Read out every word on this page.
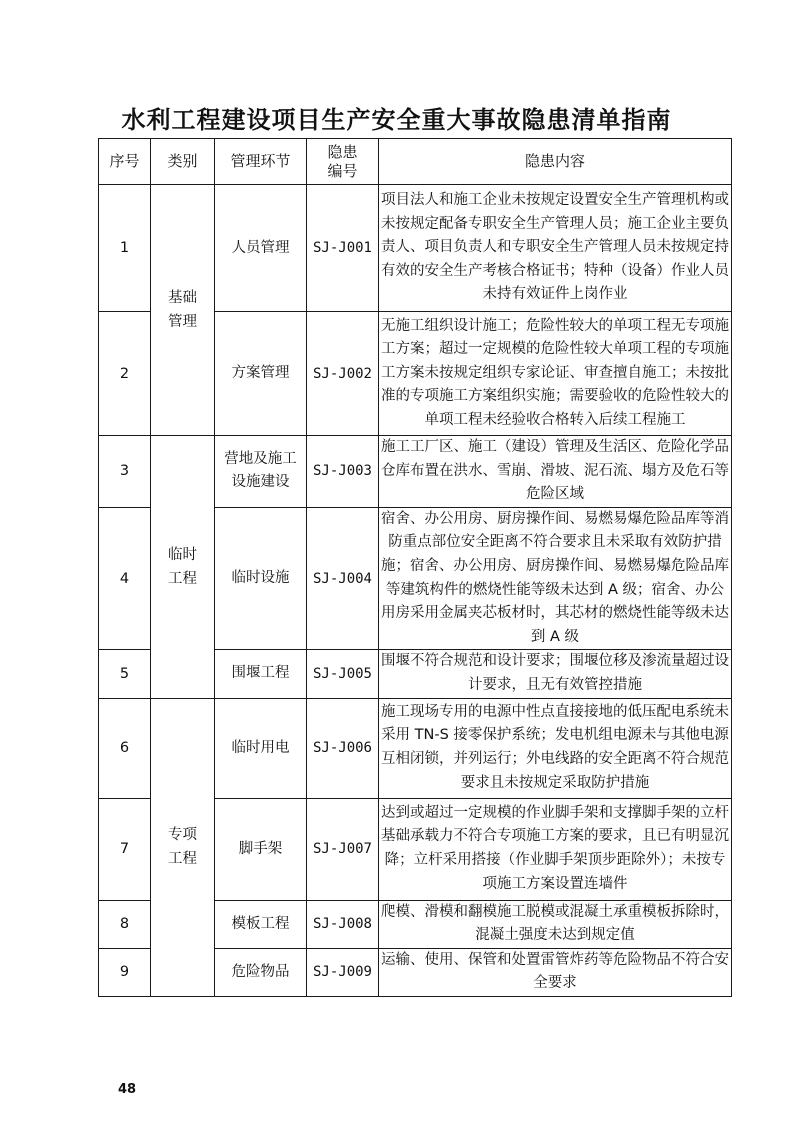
水利工程建设项目生产安全重大事故隐患清单指南
序号	类别	管理环节	隐患编号	隐患内容
1	基础管理	人员管理	SJ-J001	项目法人和施工企业未按规定设置安全生产管理机构或未按规定配备专职安全生产管理人员；施工企业主要负责人、项目负责人和专职安全生产管理人员未按规定持有效的安全生产考核合格证书；特种（设备）作业人员未持有效证件上岗作业
2		方案管理	SJ-J002	无施工组织设计施工；危险性较大的单项工程无专项施工方案；超过一定规模的危险性较大单项工程的专项施工方案未按规定组织专家论证、审查擅自施工；未按批准的专项施工方案组织实施；需要验收的危险性较大的单项工程未经验收合格转入后续工程施工
3	临时工程	营地及施工设施建设	SJ-J003	施工工厂区、施工（建设）管理及生活区、危险化学品仓库布置在洪水、雪崩、滑坡、泥石流、塌方及危石等危险区域
4		临时设施	SJ-J004	宿舍、办公用房、厨房操作间、易燃易爆危险品库等消防重点部位安全距离不符合要求且未采取有效防护措施；宿舍、办公用房、厨房操作间、易燃易爆危险品库等建筑构件的燃烧性能等级未达到 A 级；宿舍、办公用房采用金属夹芯板材时，其芯材的燃烧性能等级未达到 A 级
5		围堰工程	SJ-J005	围堰不符合规范和设计要求；围堰位移及渗流量超过设计要求，且无有效管控措施
6	专项工程	临时用电	SJ-J006	施工现场专用的电源中性点直接接地的低压配电系统未采用 TN-S 接零保护系统；发电机组电源未与其他电源互相闭锁，并列运行；外电线路的安全距离不符合规范要求且未按规定采取防护措施
7		脚手架	SJ-J007	达到或超过一定规模的作业脚手架和支撑脚手架的立杆基础承载力不符合专项施工方案的要求，且已有明显沉降；立杆采用搭接（作业脚手架顶步距除外）；未按专项施工方案设置连墙件
8		模板工程	SJ-J008	爬模、滑模和翻模施工脱模或混凝土承重模板拆除时，混凝土强度未达到规定值
9		危险物品	SJ-J009	运输、使用、保管和处置雷管炸药等危险物品不符合安全要求
48
